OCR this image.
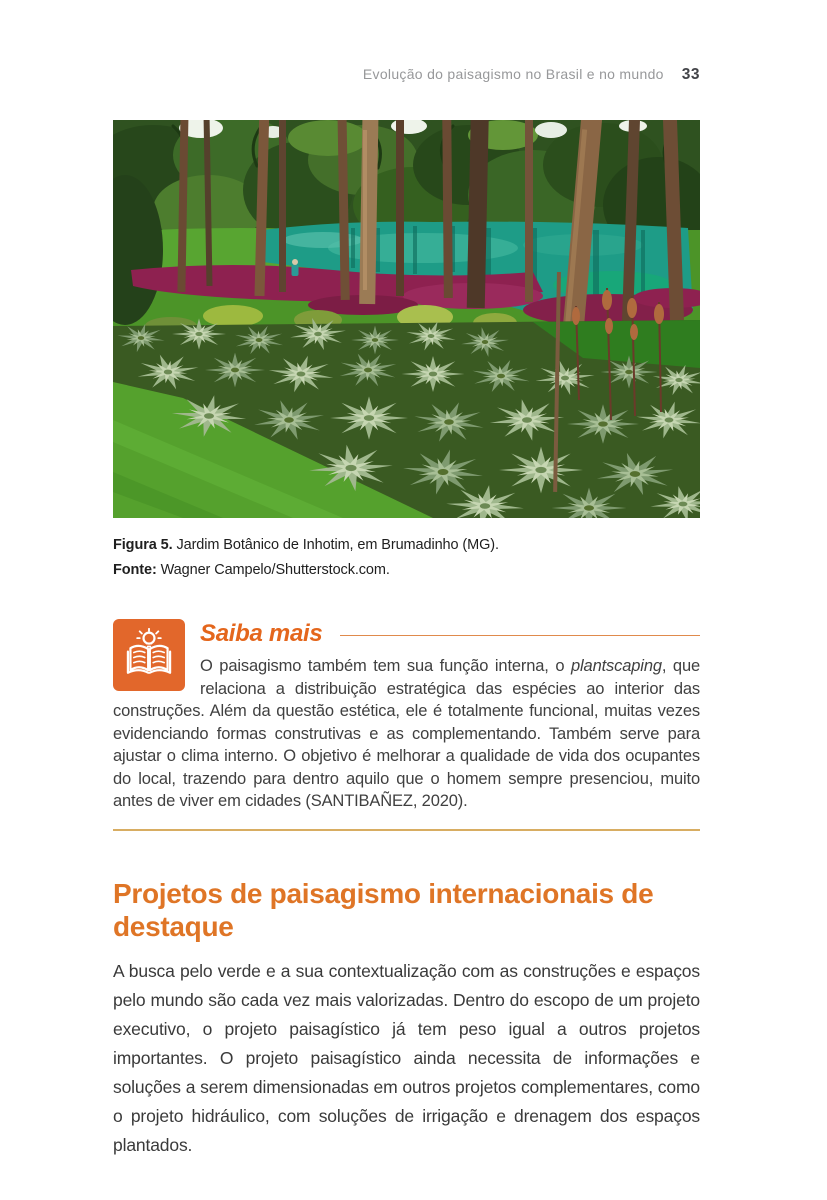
Evolução do paisagismo no Brasil e no mundo 33
Figura 5. Jardim Botânico de Inhotim, em Brumadinho (MG).
Fonte: Wagner Campelo/Shutterstock.com.
Saiba mais

O paisagismo também tem sua função interna, o plantscaping, que relaciona a distribuição estratégica das espécies ao interior das construções. Além da questão estética, ele é totalmente funcional, muitas vezes evidenciando formas construtivas e as complementando. Também serve para ajustar o clima interno. O objetivo é melhorar a qualidade de vida dos ocupantes do local, trazendo para dentro aquilo que o homem sempre presenciou, muito antes de viver em cidades (SANTIBAÑEZ, 2020).

Projetos de paisagismo internacionais de destaque

A busca pelo verde e a sua contextualização com as construções e espaços pelo mundo são cada vez mais valorizadas. Dentro do escopo de um projeto executivo, o projeto paisagístico já tem peso igual a outros projetos importantes. O projeto paisagístico ainda necessita de informações e soluções a serem dimensionadas em outros projetos complementares, como o projeto hidráulico, com soluções de irrigação e drenagem dos espaços plantados.
